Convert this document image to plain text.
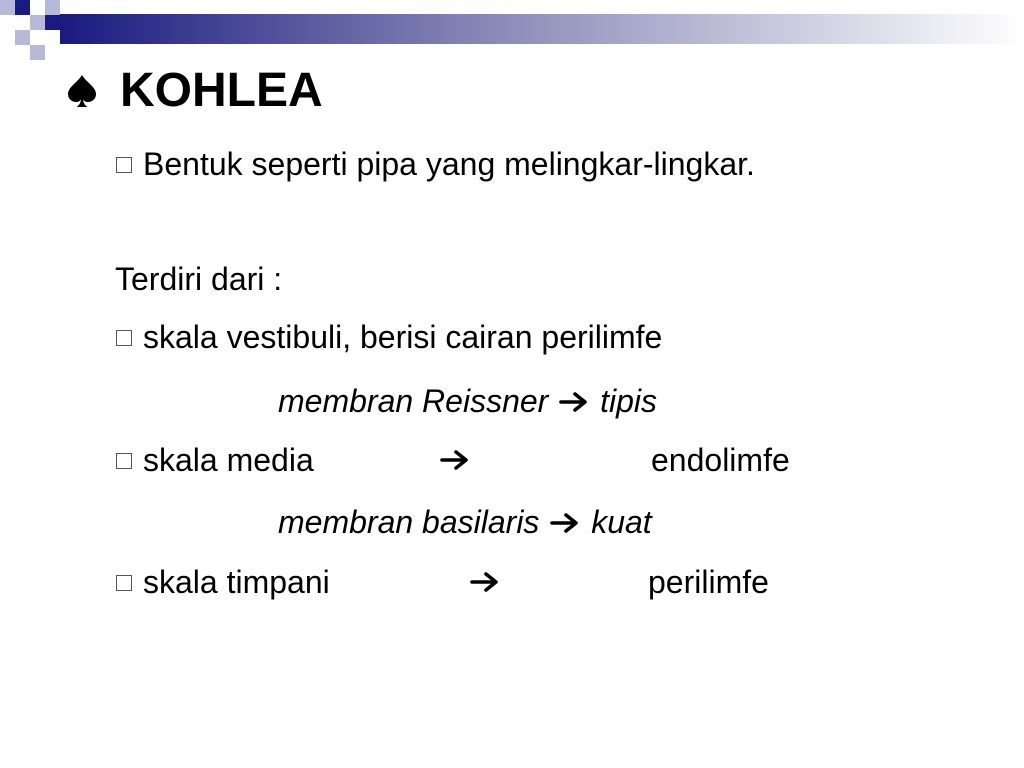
KOHLEA
Bentuk seperti pipa yang melingkar-lingkar.
Terdiri dari :
skala vestibuli, berisi cairan perilimfe
membran Reissner tipis
skala media	endolimfe
membran basilaris kuat
skala timpani	perilimfe
